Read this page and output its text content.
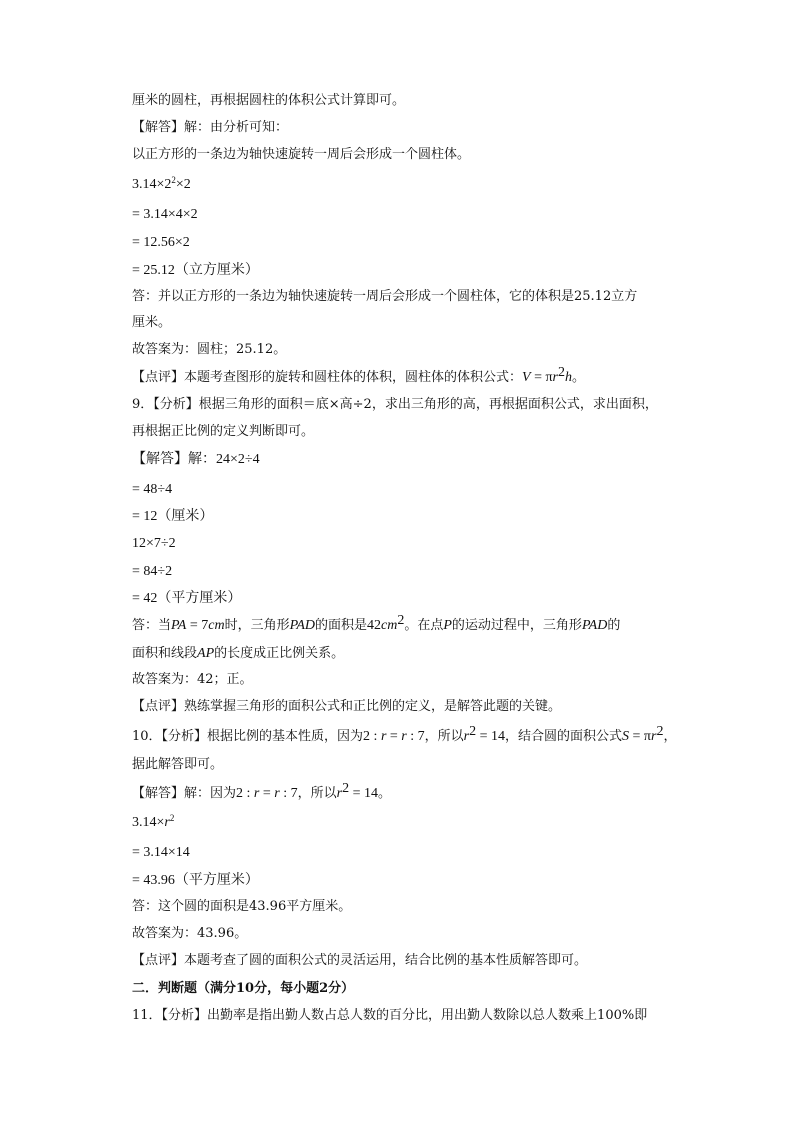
厘米的圆柱，再根据圆柱的体积公式计算即可。
【解答】解：由分析可知：
以正方形的一条边为轴快速旋转一周后会形成一个圆柱体。
$3.14\times 2^2\times 2$
= 3.14×4×2
= 12.56×2
= 25.12（立方厘米）
答：并以正方形的一条边为轴快速旋转一周后会形成一个圆柱体，它的体积是25.12立方
厘米。
故答案为：圆柱；25.12。
【点评】本题考查图形的旋转和圆柱体的体积，圆柱体的体积公式：$V = \pi r^2h$。
9．【分析】根据三角形的面积＝底×高÷2，求出三角形的高，再根据面积公式，求出面积，
再根据正比例的定义判断即可。
【解答】解：24×2÷4
= 48÷4
= 12（厘米）
12×7÷2
= 84÷2
= 42（平方厘米）
答：当PA = 7cm时，三角形PAD的面积是$42cm^2$。在点P的运动过程中，三角形PAD的
面积和线段AP的长度成正比例关系。
故答案为：42；正。
【点评】熟练掌握三角形的面积公式和正比例的定义，是解答此题的关键。
10．【分析】根据比例的基本性质，因为2 : r = r : 7，所以$r^2 = 14$，结合圆的面积公式$S = \pi r^2$，
据此解答即可。
【解答】解：因为2 : r = r : 7，所以$r^2 = 14$。
$3.14\times r^2$
= 3.14×14
= 43.96（平方厘米）
答：这个圆的面积是43.96平方厘米。
故答案为：43.96。
【点评】本题考查了圆的面积公式的灵活运用，结合比例的基本性质解答即可。
二．判断题（满分10分，每小题2分）
11．【分析】出勤率是指出勤人数占总人数的百分比，用出勤人数除以总人数乘上100%即
